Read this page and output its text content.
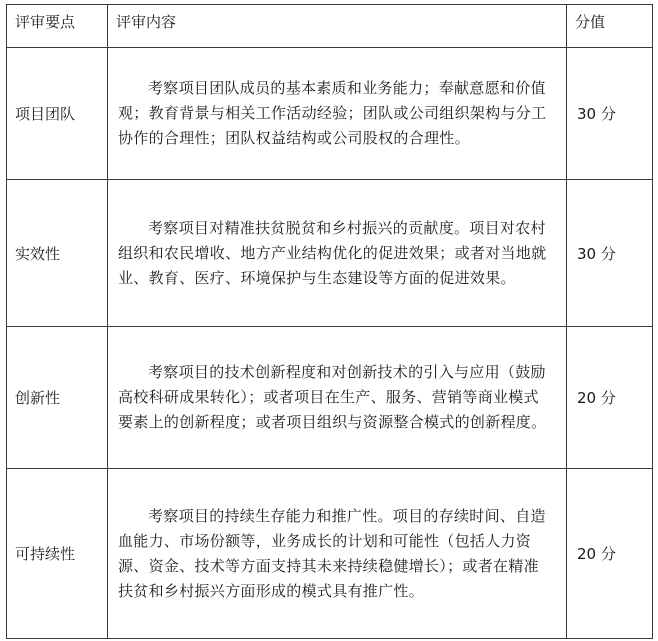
评审要点	评审内容	分值
项目团队	考察项目团队成员的基本素质和业务能力；奉献意愿和价值观；教育背景与相关工作活动经验；团队或公司组织架构与分工协作的合理性；团队权益结构或公司股权的合理性。	30 分
实效性	考察项目对精准扶贫脱贫和乡村振兴的贡献度。项目对农村组织和农民增收、地方产业结构优化的促进效果；或者对当地就业、教育、医疗、环境保护与生态建设等方面的促进效果。	30 分
创新性	考察项目的技术创新程度和对创新技术的引入与应用（鼓励高校科研成果转化）；或者项目在生产、服务、营销等商业模式要素上的创新程度；或者项目组织与资源整合模式的创新程度。	20 分
可持续性	考察项目的持续生存能力和推广性。项目的存续时间、自造血能力、市场份额等，业务成长的计划和可能性（包括人力资源、资金、技术等方面支持其未来持续稳健增长）；或者在精准扶贫和乡村振兴方面形成的模式具有推广性。	20 分
